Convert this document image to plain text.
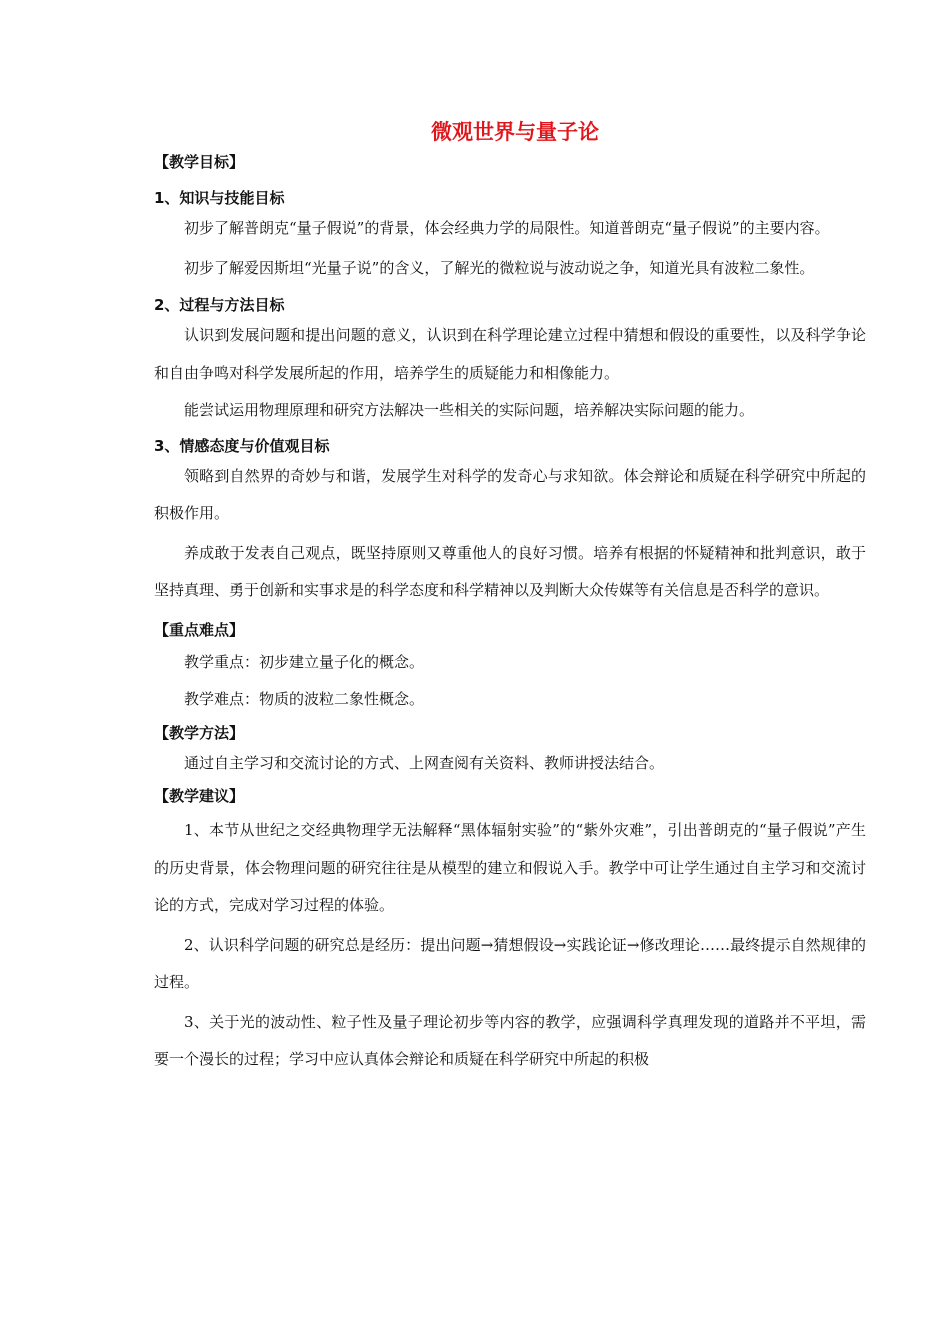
微观世界与量子论
【教学目标】
1、知识与技能目标

初步了解普朗克“量子假说”的背景，体会经典力学的局限性。知道普朗克“量子假说”的主要内容。

初步了解爱因斯坦“光量子说”的含义，了解光的微粒说与波动说之争，知道光具有波粒二象性。

2、过程与方法目标

认识到发展问题和提出问题的意义，认识到在科学理论建立过程中猜想和假设的重要性，以及科学争论和自由争鸣对科学发展所起的作用，培养学生的质疑能力和相像能力。

能尝试运用物理原理和研究方法解决一些相关的实际问题，培养解决实际问题的能力。

3、情感态度与价值观目标

领略到自然界的奇妙与和谐，发展学生对科学的发奇心与求知欲。体会辩论和质疑在科学研究中所起的积极作用。

养成敢于发表自己观点，既坚持原则又尊重他人的良好习惯。培养有根据的怀疑精神和批判意识，敢于坚持真理、勇于创新和实事求是的科学态度和科学精神以及判断大众传媒等有关信息是否科学的意识。

【重点难点】

教学重点：初步建立量子化的概念。

教学难点：物质的波粒二象性概念。

【教学方法】

通过自主学习和交流讨论的方式、上网查阅有关资料、教师讲授法结合。

【教学建议】

1、本节从世纪之交经典物理学无法解释“黑体辐射实验”的“紫外灾难”，引出普朗克的“量子假说”产生的历史背景，体会物理问题的研究往往是从模型的建立和假说入手。教学中可让学生通过自主学习和交流讨论的方式，完成对学习过程的体验。

2、认识科学问题的研究总是经历：提出问题→猜想假设→实践论证→修改理论……最终提示自然规律的过程。

3、关于光的波动性、粒子性及量子理论初步等内容的教学，应强调科学真理发现的道路并不平坦，需要一个漫长的过程；学习中应认真体会辩论和质疑在科学研究中所起的积极
